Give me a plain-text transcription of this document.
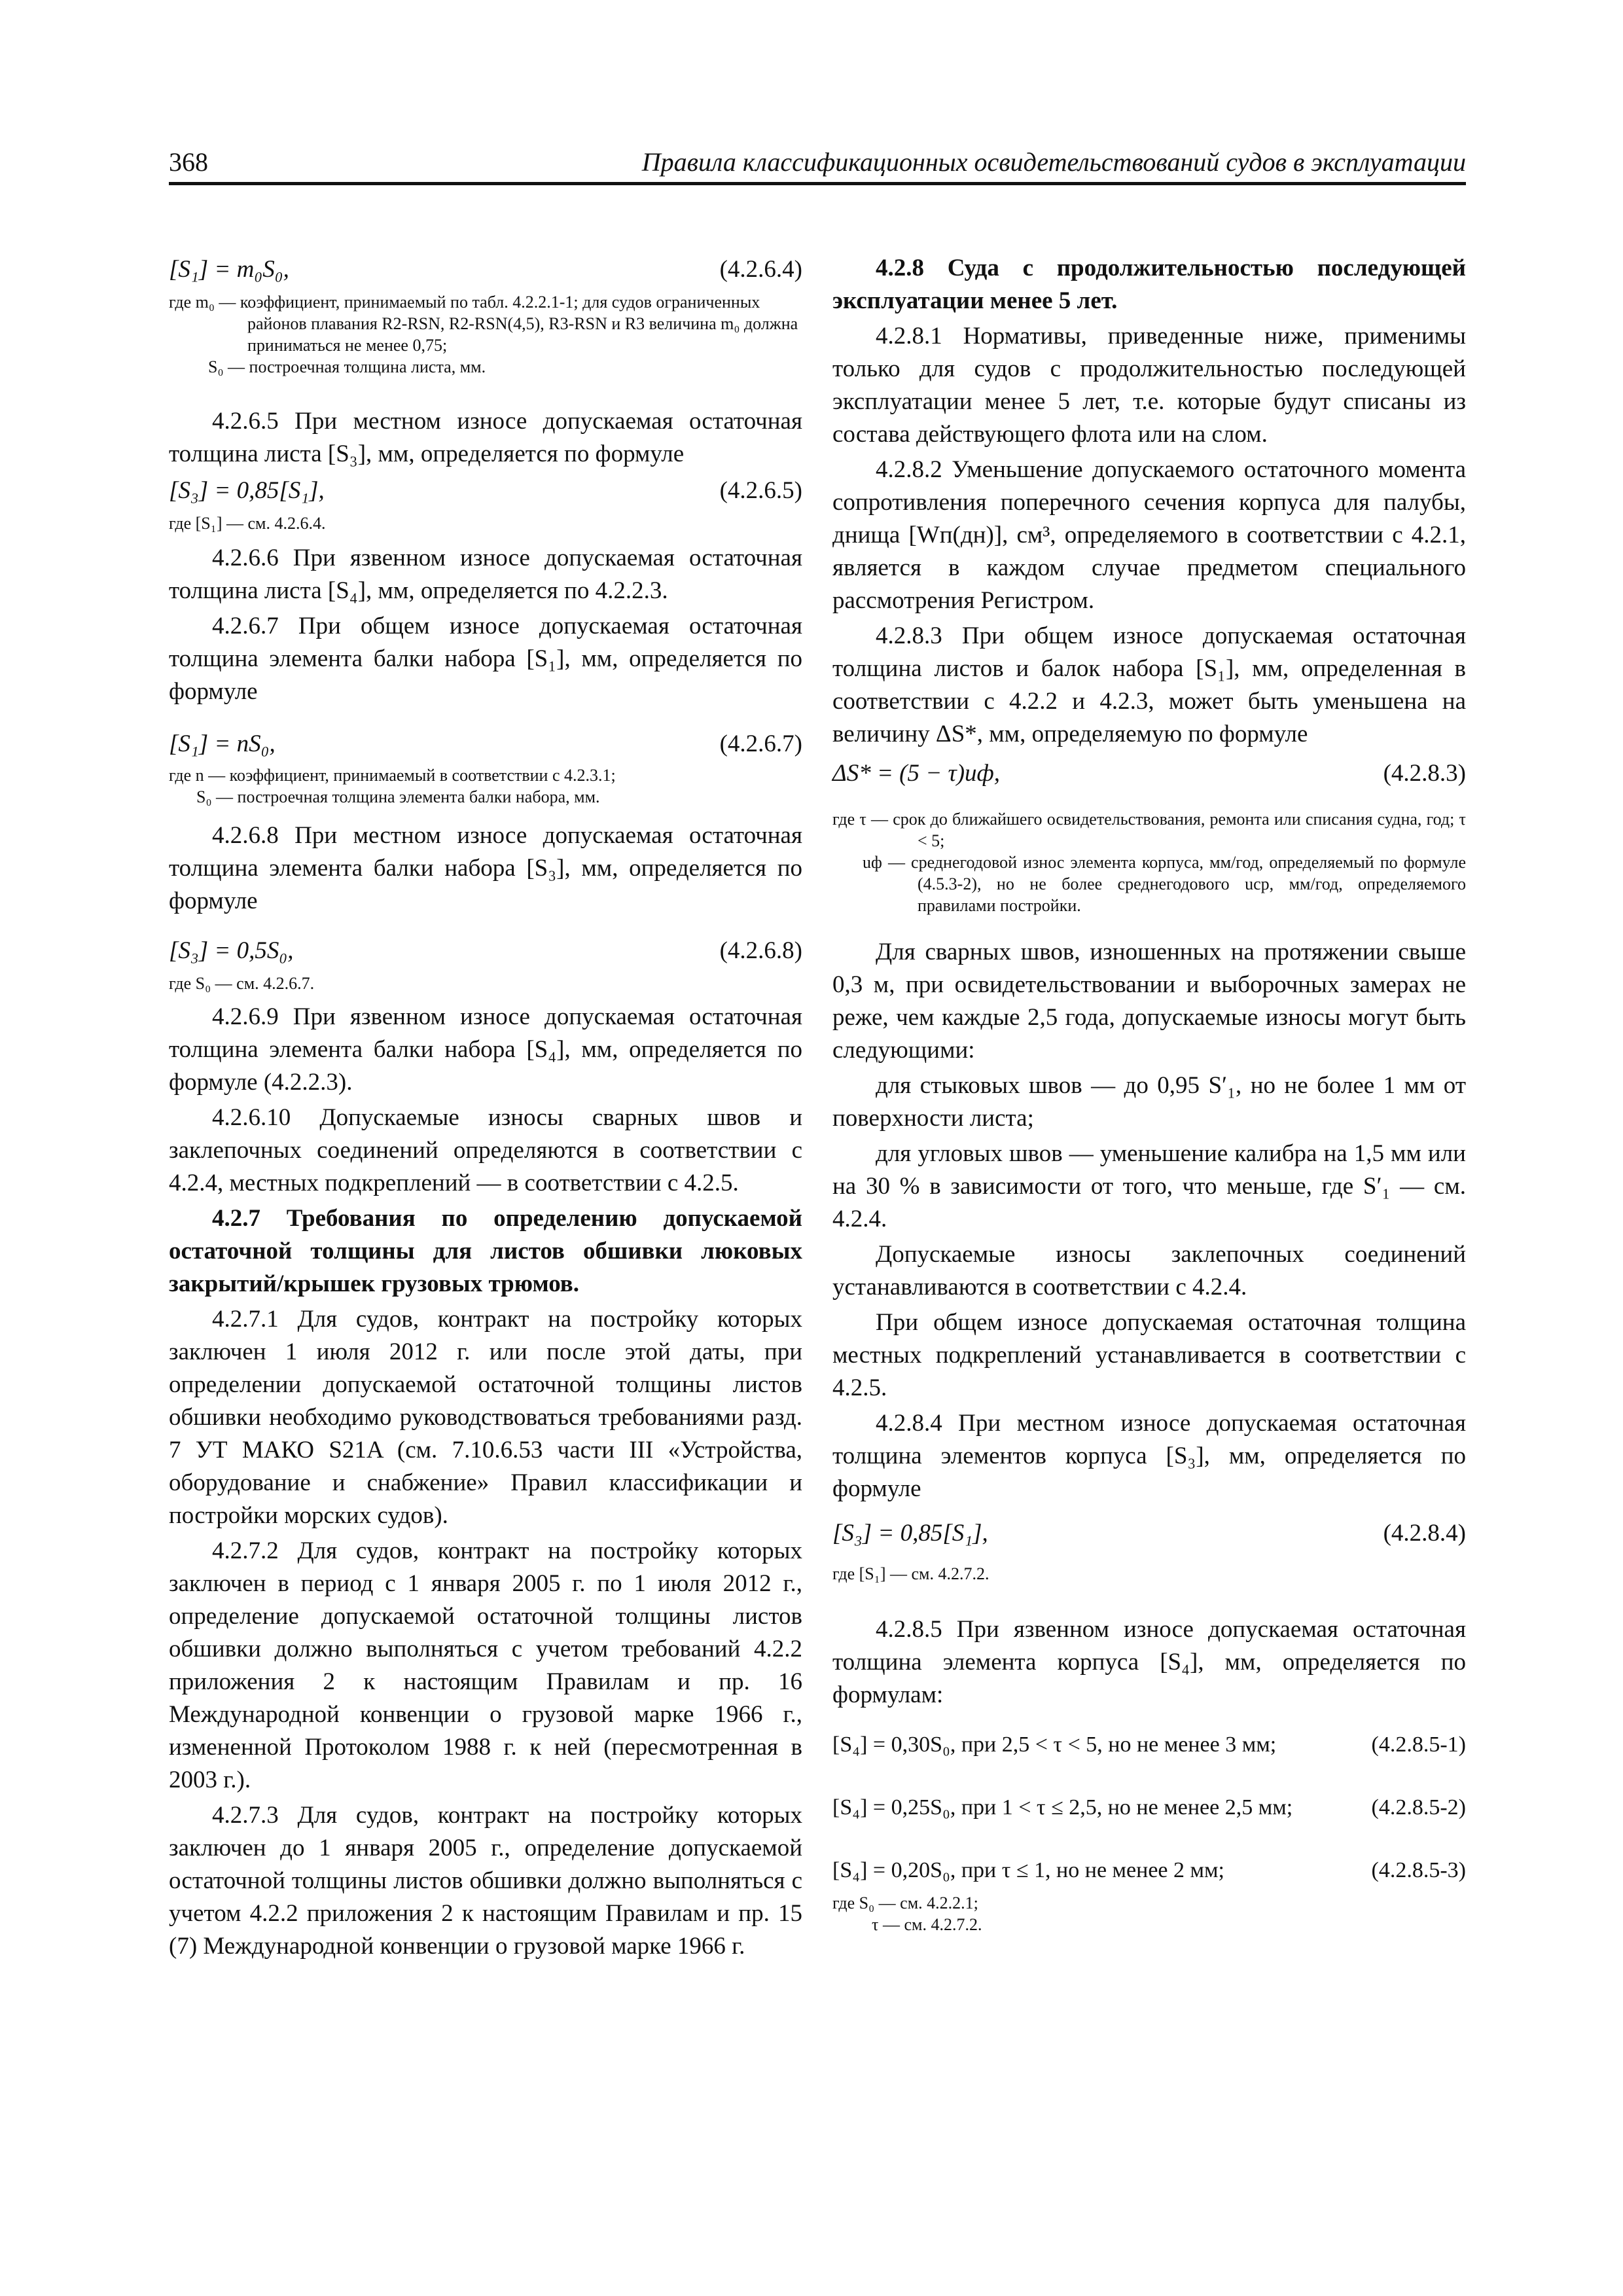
368	Правила классификационных освидетельствований судов в эксплуатации
[S₁] = m₀S₀,	(4.2.6.4)

где m₀ — коэффициент, принимаемый по табл. 4.2.2.1-1; для судов ограниченных районов плавания R2-RSN, R2-RSN(4,5), R3-RSN и R3 величина m₀ должна приниматься не менее 0,75;

S₀ — построечная толщина листа, мм.

4.2.6.5 При местном износе допускаемая остаточная толщина листа [S₃], мм, определяется по формуле

[S₃] = 0,85[S₁],	(4.2.6.5)

где [S₁] — см. 4.2.6.4.

4.2.6.6 При язвенном износе допускаемая остаточная толщина листа [S₄], мм, определяется по 4.2.2.3.

4.2.6.7 При общем износе допускаемая остаточная толщина элемента балки набора [S₁], мм, определяется по формуле

[S₁] = nS₀,	(4.2.6.7)

где n — коэффициент, принимаемый в соответствии с 4.2.3.1;

S₀ — построечная толщина элемента балки набора, мм.

4.2.6.8 При местном износе допускаемая остаточная толщина элемента балки набора [S₃], мм, определяется по формуле

[S₃] = 0,5S₀,	(4.2.6.8)

где S₀ — см. 4.2.6.7.

4.2.6.9 При язвенном износе допускаемая остаточная толщина элемента балки набора [S₄], мм, определяется по формуле (4.2.2.3).

4.2.6.10 Допускаемые износы сварных швов и заклепочных соединений определяются в соответствии с 4.2.4, местных подкреплений — в соответствии с 4.2.5.

4.2.7 Требования по определению допускаемой остаточной толщины для листов обшивки люковых закрытий/крышек грузовых трюмов.

4.2.7.1 Для судов, контракт на постройку которых заключен 1 июля 2012 г. или после этой даты, при определении допускаемой остаточной толщины листов обшивки необходимо руководствоваться требованиями разд. 7 УТ МАКО S21A (см. 7.10.6.53 части III «Устройства, оборудование и снабжение» Правил классификации и постройки морских судов).

4.2.7.2 Для судов, контракт на постройку которых заключен в период с 1 января 2005 г. по 1 июля 2012 г., определение допускаемой остаточной толщины листов обшивки должно выполняться с учетом требований 4.2.2 приложения 2 к настоящим Правилам и пр. 16 Международной конвенции о грузовой марке 1966 г., измененной Протоколом 1988 г. к ней (пересмотренная в 2003 г.).

4.2.7.3 Для судов, контракт на постройку которых заключен до 1 января 2005 г., определение допускаемой остаточной толщины листов обшивки должно выполняться с учетом 4.2.2 приложения 2 к настоящим Правилам и пр. 15 (7) Международной конвенции о грузовой марке 1966 г.

4.2.8 Суда с продолжительностью последующей эксплуатации менее 5 лет.

4.2.8.1 Нормативы, приведенные ниже, применимы только для судов с продолжительностью последующей эксплуатации менее 5 лет, т.е. которые будут списаны из состава действующего флота или на слом.

4.2.8.2 Уменьшение допускаемого остаточного момента сопротивления поперечного сечения корпуса для палубы, днища [Wп(дн)], см³, определяемого в соответствии с 4.2.1, является в каждом случае предметом специального рассмотрения Регистром.

4.2.8.3 При общем износе допускаемая остаточная толщина листов и балок набора [S₁], мм, определенная в соответствии с 4.2.2 и 4.2.3, может быть уменьшена на величину ΔS*, мм, определяемую по формуле

ΔS* = (5 − τ)uф,	(4.2.8.3)

где τ — срок до ближайшего освидетельствования, ремонта или списания судна, год; τ < 5;

uф — среднегодовой износ элемента корпуса, мм/год, определяемый по формуле (4.5.3-2), но не более среднегодового uср, мм/год, определяемого правилами постройки.

Для сварных швов, изношенных на протяжении свыше 0,3 м, при освидетельствовании и выборочных замерах не реже, чем каждые 2,5 года, допускаемые износы могут быть следующими:

для стыковых швов — до 0,95 S′₁, но не более 1 мм от поверхности листа;

для угловых швов — уменьшение калибра на 1,5 мм или на 30 % в зависимости от того, что меньше, где S′₁ — см. 4.2.4.

Допускаемые износы заклепочных соединений устанавливаются в соответствии с 4.2.4.

При общем износе допускаемая остаточная толщина местных подкреплений устанавливается в соответствии с 4.2.5.

4.2.8.4 При местном износе допускаемая остаточная толщина элементов корпуса [S₃], мм, определяется по формуле

[S₃] = 0,85[S₁],	(4.2.8.4)

где [S₁] — см. 4.2.7.2.

4.2.8.5 При язвенном износе допускаемая остаточная толщина элемента корпуса [S₄], мм, определяется по формулам:

[S₄] = 0,30S₀, при 2,5 < τ < 5, но не менее 3 мм;	(4.2.8.5-1)
[S₄] = 0,25S₀, при 1 < τ ≤ 2,5, но не менее 2,5 мм;	(4.2.8.5-2)
[S₄] = 0,20S₀, при τ ≤ 1, но не менее 2 мм;	(4.2.8.5-3)

где S₀ — см. 4.2.2.1;

τ — см. 4.2.7.2.
